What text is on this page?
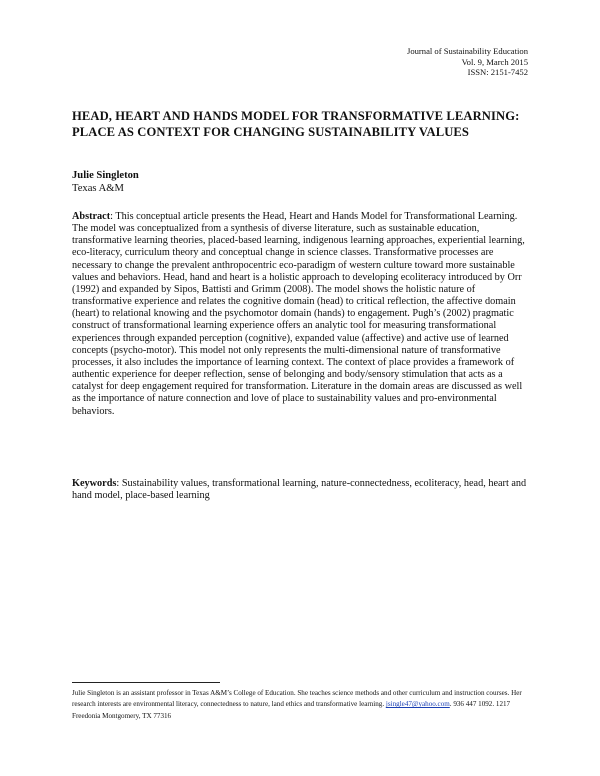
Journal of Sustainability Education
Vol. 9, March 2015
ISSN: 2151-7452
HEAD, HEART AND HANDS MODEL FOR TRANSFORMATIVE LEARNING: PLACE AS CONTEXT FOR CHANGING SUSTAINABILITY VALUES
Julie Singleton
Texas A&M
Abstract: This conceptual article presents the Head, Heart and Hands Model for Transformational Learning. The model was conceptualized from a synthesis of diverse literature, such as sustainable education, transformative learning theories, placed-based learning, indigenous learning approaches, experiential learning, eco-literacy, curriculum theory and conceptual change in science classes. Transformative processes are necessary to change the prevalent anthropocentric eco-paradigm of western culture toward more sustainable values and behaviors. Head, hand and heart is a holistic approach to developing ecoliteracy introduced by Orr (1992) and expanded by Sipos, Battisti and Grimm (2008). The model shows the holistic nature of transformative experience and relates the cognitive domain (head) to critical reflection, the affective domain (heart) to relational knowing and the psychomotor domain (hands) to engagement. Pugh’s (2002) pragmatic construct of transformational learning experience offers an analytic tool for measuring transformational experiences through expanded perception (cognitive), expanded value (affective) and active use of learned concepts (psycho-motor). This model not only represents the multi-dimensional nature of transformative processes, it also includes the importance of learning context. The context of place provides a framework of authentic experience for deeper reflection, sense of belonging and body/sensory stimulation that acts as a catalyst for deep engagement required for transformation. Literature in the domain areas are discussed as well as the importance of nature connection and love of place to sustainability values and pro-environmental behaviors.
Keywords: Sustainability values, transformational learning, nature-connectedness, ecoliteracy, head, heart and hand model, place-based learning
Julie Singleton is an assistant professor in Texas A&M’s College of Education. She teaches science methods and other curriculum and instruction courses. Her research interests are environmental literacy, connectedness to nature, land ethics and transformative learning. jsingle47@yahoo.com. 936 447 1092. 1217 Freedonia Montgomery, TX 77316
